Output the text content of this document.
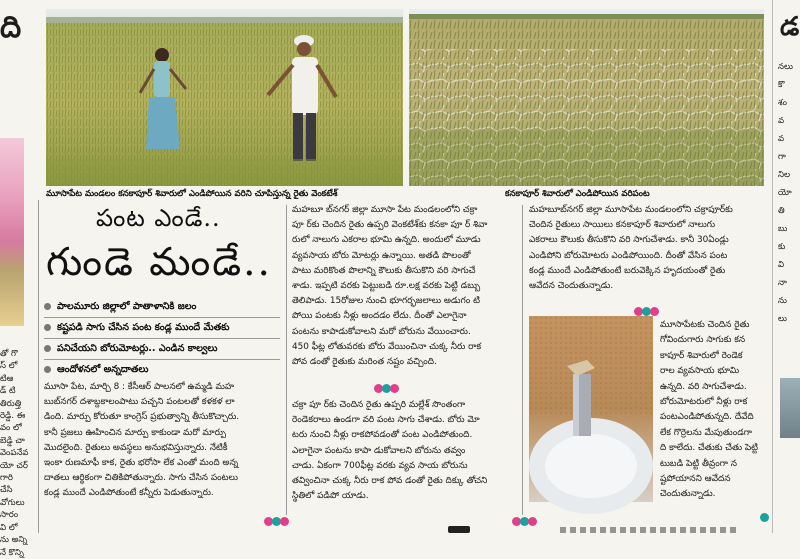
ది
తో గొ
స్ లో టిఆ
డ్ టి
తిరుత్తి
రెడ్డి. ఈ
వం లో
బెడ్డి చా
వెంపనేవ
యో చర్
గారి
చేసి
వోగులు
సారం
వి లో
ను అన్ని
నే కొన్ని
డ
నలు
కొ
శం
వ
వ
గా
నిల
యో
తి
బు
కు
వి
నా
ను
లు
మూసాపేట మండలం కనకాపూర్ శివారులో ఎండిపోయిన వరిని చూపిస్తున్న రైతు వెంకటేశ్	కనకాపూర్ శివారులో ఎండిపోయిన వరిపంట
పంట ఎండే..
గుండె మండే..
పాలమూరు జిల్లాలో పాతాళానికి జలం
కష్టపడి సాగు చేసిన పంట కండ్ల ముందే మేతకు
పనిచేయని బోరుమోటర్లు.. ఎండిన కాల్వలు
ఆందోళనలో అన్నదాతలు

మూసా పేట, మార్చి 8 : కేసీఆర్ పాలనలో ఉమ్మడి మహ
బుబ్‌నగర్ దశాబ్దకాలంపాటు పచ్చని పంటలతో కళకళ లా
డింది. మార్పు కోరుతూ కాంగ్రెస్ ప్రభుత్వాన్ని తీసుకొచ్చారు.
కానీ ప్రజలు ఊహించిన మార్పు కాకుండా మరో మార్పు
మొదలైంది. రైతులు అవస్థలు అనుభవిస్తున్నారు. నేటికీ
ఇంకా రుణమాఫీ కాక, రైతు భరోసా లేక ఎంతో మంది అన్న
దాతలు ఆర్థికంగా చితికిపోతున్నారు. సాగు చేసిన పంటలు
కండ్ల ముందే ఎండిపోతుంటే కన్నీరు పెడుతున్నారు.

మహబూ బ్‌నగర్ జిల్లా మూసా పేట మండలంలోని చక్రా
పూ ర్‌కు చెందిన రైతు ఉప్పరి వెంకటేశ్‌కు కనకా పూ ర్ శివా
రులో నాలుగు ఎకరాల భూమి ఉన్నది. అందులో మూడు
వ్యవసాయ బోరు మోటర్లు ఉన్నాయి. అతడి పొలంతో
పాటు మరికొంత పొలాన్ని కౌలుకు తీసుకొని వరి సాగుచే
శాడు. ఇప్పటి వరకు పెట్టుబడి రూ.లక్ష వరకు పెట్టి డబ్బు
తెలిపాడు. 15రోజుల నుంచి భూగర్భజలాలు అడుగం టి
పోయి పంటకు నీళ్లు అందడం లేదు. దీంతో ఎలాగైనా
పంటను కాపాడుకోవాలని మరో బోరును వేయించారు.
450 ఫీట్ల లోతువరకు బోరు వేయించినా చుక్క నీరు రాక
పోవ డంతో రైతుకు మరింత నష్టం వచ్చింది.

చక్రా పూ ర్‌కు చెందిన రైతు ఉప్పరి మల్లేశ్ సొంతంగా
రెండెకరాలు ఉండగా వరి పంట సాగు చేశాడు. బోరు మో
టరు నుంచి నీళ్లు రాకపోవడంతో పంట ఎండిపోతుంది.
ఎలాగైనా పంటను కాపా డుకోవాలని బోరును తవ్వం
చాడు. ఏకంగా 700ఫీట్ల వరకు వ్యవ సాయ బోరును
తవ్వించినా చుక్క నీరు రాక పోవ డంతో రైతు దిక్కు తోచని
స్థితిలో పడిపో యాడు.

మహబూబ్‌నగర్ జిల్లా మూసాపేట మండలంలోని చక్రాపూర్‌కు
చెందిన రైతులు సాయిలు కనకాపూర్ శివారులో నాలుగు
ఎకరాలు కౌలుకు తీసుకొని వరి సాగుచేశాడు. కానీ 30ఏండ్లు
ఎండిపోని బోరుమోటరు ఎండిపోయింది. దీంతో వేసిన పంట
కండ్ల ముందే ఎండిపోతుంటే బరువెక్కిన హృదయంతో రైతు
ఆవేదన చెందుతున్నాడు.

మూసాపేటకు చెందిన రైతు
గోవిందుగారు సాగుకు కన
కాపూర్ శివారులో రెండెక
రాల వ్యవసాయ భూమి
ఉన్నది. వరి సాగుచేశాడు.
బోరుమోటరులో నీళ్లు రాక
పంటఎండిపోతున్నది. దేవేది
లేక గొర్రెలను మేపుతుండగా
ది కాలేదు. చేతుకు చేతు పెట్టి
టుబడి పెట్టి తీవ్రంగా న
ష్టపోయానని ఆవేదన
చెందుతున్నాడు.
